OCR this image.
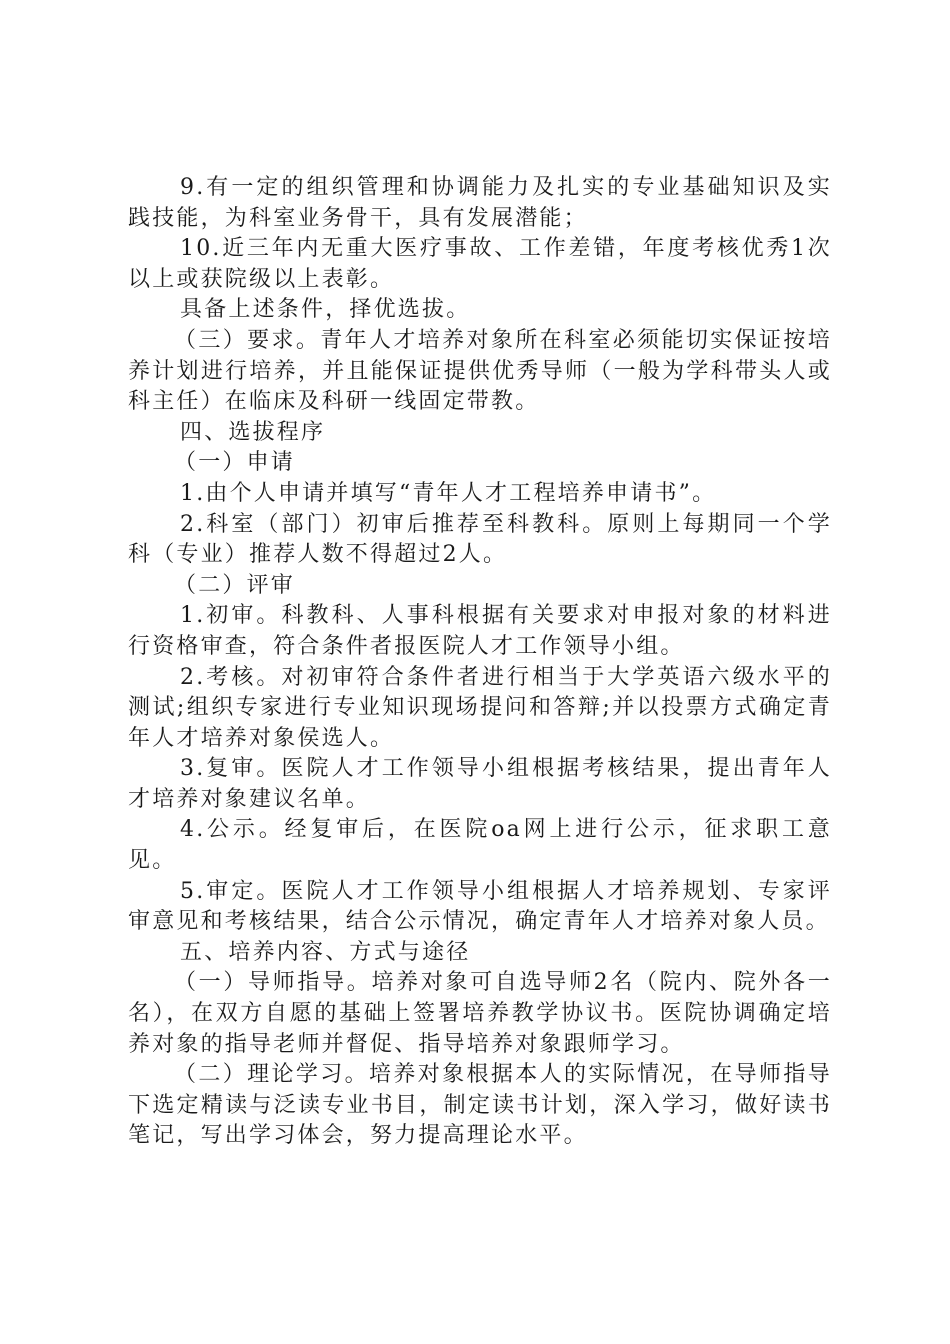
9.有一定的组织管理和协调能力及扎实的专业基础知识及实践技能，为科室业务骨干，具有发展潜能；

10.近三年内无重大医疗事故、工作差错，年度考核优秀1次以上或获院级以上表彰。

具备上述条件，择优选拔。

（三）要求。青年人才培养对象所在科室必须能切实保证按培养计划进行培养，并且能保证提供优秀导师（一般为学科带头人或科主任）在临床及科研一线固定带教。

四、选拔程序

（一）申请

1.由个人申请并填写“青年人才工程培养申请书”。

2.科室（部门）初审后推荐至科教科。原则上每期同一个学科（专业）推荐人数不得超过2人。

（二）评审

1.初审。科教科、人事科根据有关要求对申报对象的材料进行资格审查，符合条件者报医院人才工作领导小组。

2.考核。对初审符合条件者进行相当于大学英语六级水平的测试;组织专家进行专业知识现场提问和答辩;并以投票方式确定青年人才培养对象侯选人。

3.复审。医院人才工作领导小组根据考核结果，提出青年人才培养对象建议名单。

4.公示。经复审后，在医院oa网上进行公示，征求职工意见。

5.审定。医院人才工作领导小组根据人才培养规划、专家评审意见和考核结果，结合公示情况，确定青年人才培养对象人员。

五、培养内容、方式与途径

（一）导师指导。培养对象可自选导师2名（院内、院外各一名），在双方自愿的基础上签署培养教学协议书。医院协调确定培养对象的指导老师并督促、指导培养对象跟师学习。

（二）理论学习。培养对象根据本人的实际情况，在导师指导下选定精读与泛读专业书目，制定读书计划，深入学习，做好读书笔记，写出学习体会，努力提高理论水平。
